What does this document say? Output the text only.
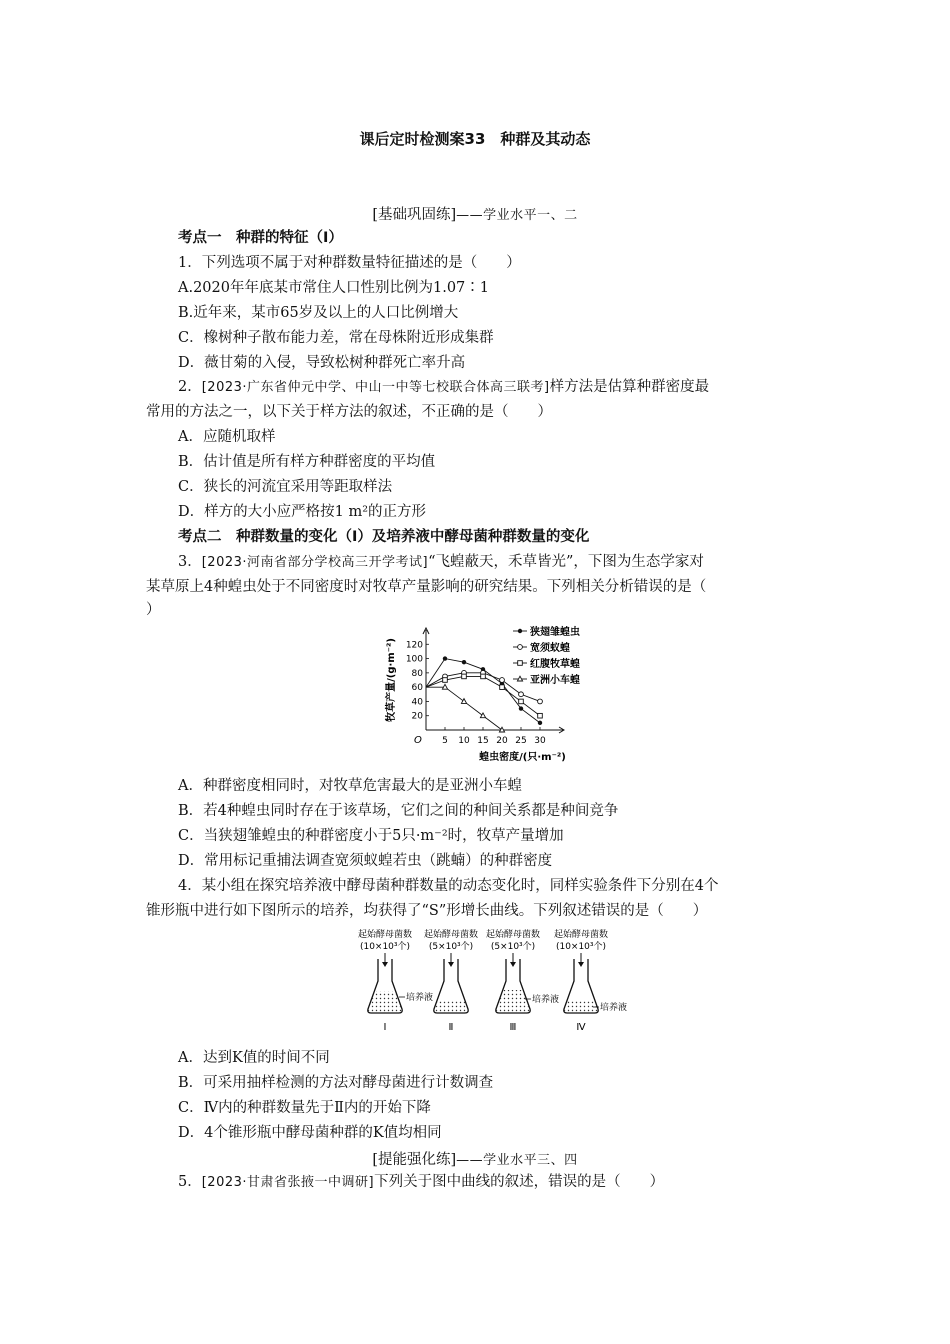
课后定时检测案33　种群及其动态
[基础巩固练]——学业水平一、二
考点一　种群的特征（Ⅰ）
1．下列选项不属于对种群数量特征描述的是（　　）
A.2020年年底某市常住人口性别比例为1.07∶1
B.近年来，某市65岁及以上的人口比例增大
C．橡树种子散布能力差，常在母株附近形成集群
D．薇甘菊的入侵，导致松树种群死亡率升高
2．[2023·广东省仲元中学、中山一中等七校联合体高三联考]样方法是估算种群密度最
常用的方法之一，以下关于样方法的叙述，不正确的是（　　）
A．应随机取样
B．估计值是所有样方种群密度的平均值
C．狭长的河流宜采用等距取样法
D．样方的大小应严格按1 m²的正方形
考点二　种群数量的变化（Ⅰ）及培养液中酵母菌种群数量的变化
3．[2023·河南省部分学校高三开学考试]“飞蝗蔽天，禾草皆光”，下图为生态学家对
某草原上4种蝗虫处于不同密度时对牧草产量影响的研究结果。下列相关分析错误的是（
）
O
20
40
60
80
100
120
5 10 15 20 25 30
牧草产量/(g·m⁻²)
蝗虫密度/(只·m⁻²)
狭翅雏蝗虫
宽须蚁蝗
红腹牧草蝗
亚洲小车蝗
A．种群密度相同时，对牧草危害最大的是亚洲小车蝗
B．若4种蝗虫同时存在于该草场，它们之间的种间关系都是种间竞争
C．当狭翅雏蝗虫的种群密度小于5只·m⁻²时，牧草产量增加
D．常用标记重捕法调查宽须蚁蝗若虫（跳蝻）的种群密度
4．某小组在探究培养液中酵母菌种群数量的动态变化时，同样实验条件下分别在4个
锥形瓶中进行如下图所示的培养，均获得了“S”形增长曲线。下列叙述错误的是（　　）
起始酵母菌数
(10×10³个)
培养液
Ⅰ
起始酵母菌数
(5×10³个)
Ⅱ
起始酵母菌数
(5×10³个)
培养液
Ⅲ
起始酵母菌数
(10×10³个)
培养液
Ⅳ
A．达到K值的时间不同
B．可采用抽样检测的方法对酵母菌进行计数调查
C．Ⅳ内的种群数量先于Ⅱ内的开始下降
D．4个锥形瓶中酵母菌种群的K值均相同
[提能强化练]——学业水平三、四
5．[2023·甘肃省张掖一中调研]下列关于图中曲线的叙述，错误的是（　　）
